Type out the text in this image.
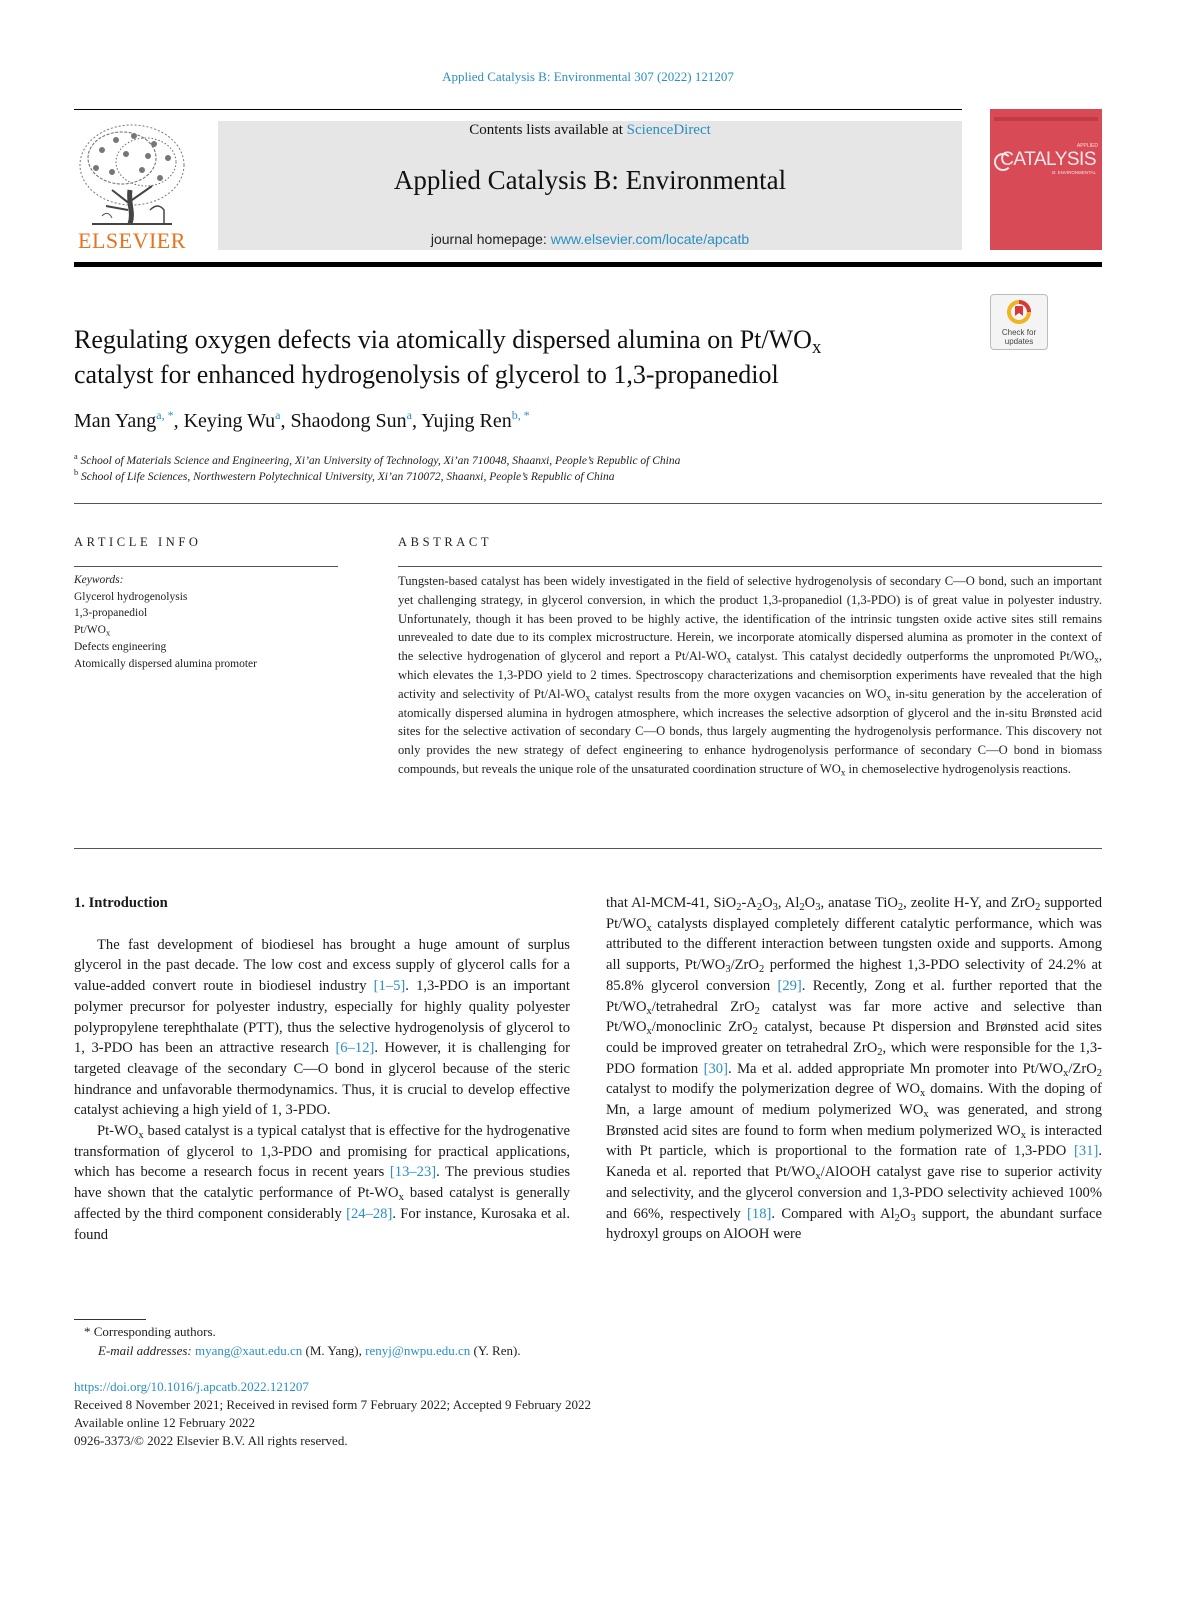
Applied Catalysis B: Environmental 307 (2022) 121207
ELSEVIER
Contents lists available at ScienceDirect
Applied Catalysis B: Environmental
journal homepage: www.elsevier.com/locate/apcatb
APPLIED
CATALYSIS
B: ENVIRONMENTAL
Check for updates
Regulating oxygen defects via atomically dispersed alumina on $Pt/WO_x$
catalyst for enhanced hydrogenolysis of glycerol to 1,3-propanediol
Man Yang$^{a, *}$, Keying Wu$^a$, Shaodong Sun$^a$, Yujing Ren$^{b, *}$
$^a$ School of Materials Science and Engineering, Xi’an University of Technology, Xi’an 710048, Shaanxi, People’s Republic of China
$^b$ School of Life Sciences, Northwestern Polytechnical University, Xi’an 710072, Shaanxi, People’s Republic of China
ARTICLE INFO	ABSTRACT
Keywords:
Glycerol hydrogenolysis
1,3-propanediol
$Pt/WO_x$
Defects engineering
Atomically dispersed alumina promoter
Tungsten-based catalyst has been widely investigated in the field of selective hydrogenolysis of secondary C—O bond, such an important yet challenging strategy, in glycerol conversion, in which the product 1,3-propanediol (1,3-PDO) is of great value in polyester industry. Unfortunately, though it has been proved to be highly active, the identification of the intrinsic tungsten oxide active sites still remains unrevealed to date due to its complex microstructure. Herein, we incorporate atomically dispersed alumina as promoter in the context of the selective hydrogenation of glycerol and report a $Pt/Al-WO_x$ catalyst. This catalyst decidedly outperforms the unpromoted $Pt/WO_x$, which elevates the 1,3-PDO yield to 2 times. Spectroscopy characterizations and chemisorption experiments have revealed that the high activity and selectivity of $Pt/Al-WO_x$ catalyst results from the more oxygen vacancies on $WO_x$ in-situ generation by the acceleration of atomically dispersed alumina in hydrogen atmosphere, which increases the selective adsorption of glycerol and the in-situ Brønsted acid sites for the selective activation of secondary C—O bonds, thus largely augmenting the hydrogenolysis performance. This discovery not only provides the new strategy of defect engineering to enhance hydrogenolysis performance of secondary C—O bond in biomass compounds, but reveals the unique role of the unsaturated coordination structure of $WO_x$ in chemoselective hydrogenolysis reactions.
1. Introduction

The fast development of biodiesel has brought a huge amount of surplus glycerol in the past decade. The low cost and excess supply of glycerol calls for a value-added convert route in biodiesel industry [1–5]. 1,3-PDO is an important polymer precursor for polyester industry, especially for highly quality polyester polypropylene terephthalate (PTT), thus the selective hydrogenolysis of glycerol to 1, 3-PDO has been an attractive research [6–12]. However, it is challenging for targeted cleavage of the secondary C—O bond in glycerol because of the steric hindrance and unfavorable thermodynamics. Thus, it is crucial to develop effective catalyst achieving a high yield of 1, 3-PDO.

$Pt-WO_x$ based catalyst is a typical catalyst that is effective for the hydrogenative transformation of glycerol to 1,3-PDO and promising for practical applications, which has become a research focus in recent years [13–23]. The previous studies have shown that the catalytic performance of $Pt-WO_x$ based catalyst is generally affected by the third component considerably [24–28]. For instance, Kurosaka et al. found

that Al-MCM-41, $SiO_2-A_2O_3$, $Al_2O_3$, anatase TiO$_2$, zeolite H-Y, and ZrO$_2$ supported $Pt/WO_x$ catalysts displayed completely different catalytic performance, which was attributed to the different interaction between tungsten oxide and supports. Among all supports, $Pt/WO_3/ZrO_2$ performed the highest 1,3-PDO selectivity of 24.2% at 85.8% glycerol conversion [29]. Recently, Zong et al. further reported that the $Pt/WO_x$/tetrahedral ZrO$_2$ catalyst was far more active and selective than $Pt/WO_x$/monoclinic ZrO$_2$ catalyst, because Pt dispersion and Brønsted acid sites could be improved greater on tetrahedral ZrO$_2$, which were responsible for the 1,3-PDO formation [30]. Ma et al. added appropriate Mn promoter into $Pt/WO_x/ZrO_2$ catalyst to modify the polymerization degree of $WO_x$ domains. With the doping of Mn, a large amount of medium polymerized $WO_x$ was generated, and strong Brønsted acid sites are found to form when medium polymerized $WO_x$ is interacted with Pt particle, which is proportional to the formation rate of 1,3-PDO [31]. Kaneda et al. reported that $Pt/WO_x$/AlOOH catalyst gave rise to superior activity and selectivity, and the glycerol conversion and 1,3-PDO selectivity achieved 100% and 66%, respectively [18]. Compared with $Al_2O_3$ support, the abundant surface hydroxyl groups on AlOOH were

* Corresponding authors.
E-mail addresses: myang@xaut.edu.cn (M. Yang), renyj@nwpu.edu.cn (Y. Ren).
https://doi.org/10.1016/j.apcatb.2022.121207
Received 8 November 2021; Received in revised form 7 February 2022; Accepted 9 February 2022
Available online 12 February 2022
0926-3373/© 2022 Elsevier B.V. All rights reserved.
